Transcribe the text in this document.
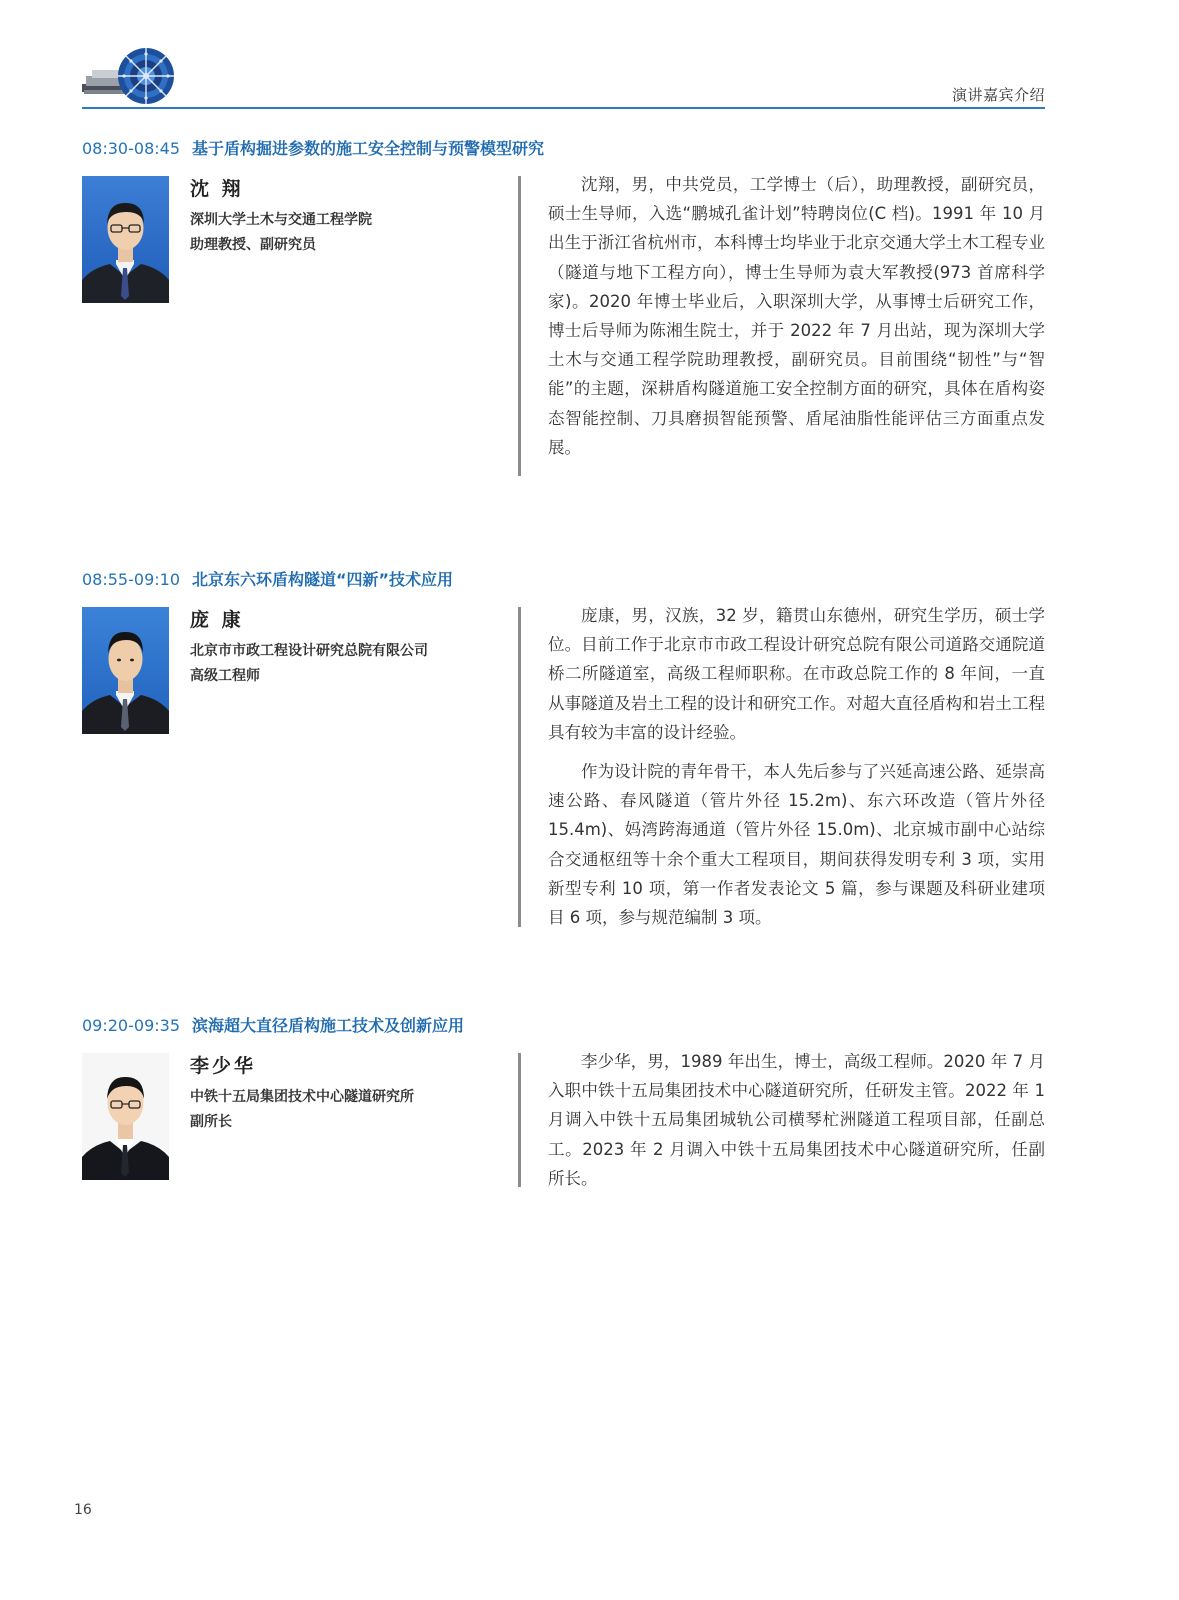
演讲嘉宾介绍
08:30-08:45 基于盾构掘进参数的施工安全控制与预警模型研究
沈 翔
深圳大学土木与交通工程学院
助理教授、副研究员

沈翔，男，中共党员，工学博士（后），助理教授，副研究员，硕士生导师，入选“鹏城孔雀计划”特聘岗位(C 档)。1991 年 10 月出生于浙江省杭州市，本科博士均毕业于北京交通大学土木工程专业（隧道与地下工程方向），博士生导师为袁大军教授(973 首席科学家)。2020 年博士毕业后，入职深圳大学，从事博士后研究工作，博士后导师为陈湘生院士，并于 2022 年 7 月出站，现为深圳大学土木与交通工程学院助理教授，副研究员。目前围绕“韧性”与“智能”的主题，深耕盾构隧道施工安全控制方面的研究，具体在盾构姿态智能控制、刀具磨损智能预警、盾尾油脂性能评估三方面重点发展。

08:55-09:10 北京东六环盾构隧道“四新”技术应用
庞 康
北京市市政工程设计研究总院有限公司
高级工程师

庞康，男，汉族，32 岁，籍贯山东德州，研究生学历，硕士学位。目前工作于北京市市政工程设计研究总院有限公司道路交通院道桥二所隧道室，高级工程师职称。在市政总院工作的 8 年间，一直从事隧道及岩土工程的设计和研究工作。对超大直径盾构和岩土工程具有较为丰富的设计经验。

作为设计院的青年骨干，本人先后参与了兴延高速公路、延崇高速公路、春风隧道（管片外径 15.2m)、东六环改造（管片外径 15.4m)、妈湾跨海通道（管片外径 15.0m)、北京城市副中心站综合交通枢纽等十余个重大工程项目，期间获得发明专利 3 项，实用新型专利 10 项，第一作者发表论文 5 篇，参与课题及科研业建项目 6 项，参与规范编制 3 项。

09:20-09:35 滨海超大直径盾构施工技术及创新应用
李少华
中铁十五局集团技术中心隧道研究所
副所长

李少华，男，1989 年出生，博士，高级工程师。2020 年 7 月入职中铁十五局集团技术中心隧道研究所，任研发主管。2022 年 1 月调入中铁十五局集团城轨公司横琴杧洲隧道工程项目部，任副总工。2023 年 2 月调入中铁十五局集团技术中心隧道研究所，任副所长。

16
